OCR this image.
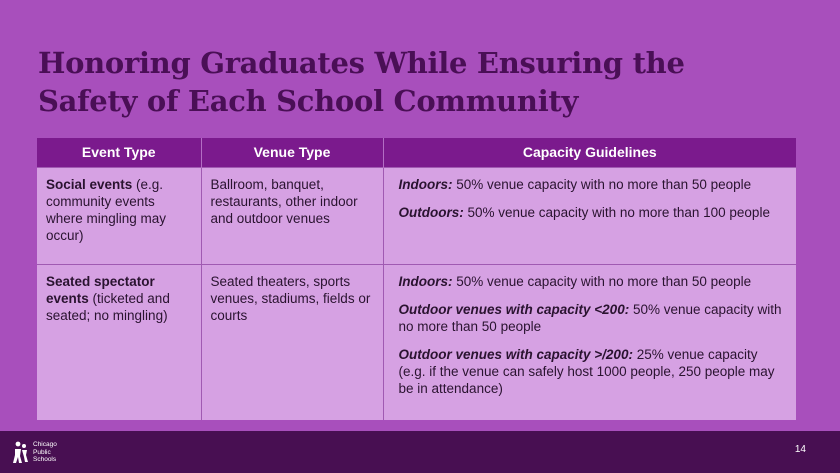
Honoring Graduates While Ensuring the
Safety of Each School Community
Event Type	Venue Type	Capacity Guidelines
Social events (e.g. community events where mingling may occur)	Ballroom, banquet, restaurants, other indoor and outdoor venues	Indoors: 50% venue capacity with no more than 50 people

Outdoors: 50% venue capacity with no more than 100 people

Seated spectator events (ticketed and seated; no mingling)	Seated theaters, sports venues, stadiums, fields or courts	Indoors: 50% venue capacity with no more than 50 people

Outdoor venues with capacity <200: 50% venue capacity with no more than 50 people

Outdoor venues with capacity >/200: 25% venue capacity (e.g. if the venue can safely host 1000 people, 250 people may be in attendance)

Chicago
Public
Schools
14
